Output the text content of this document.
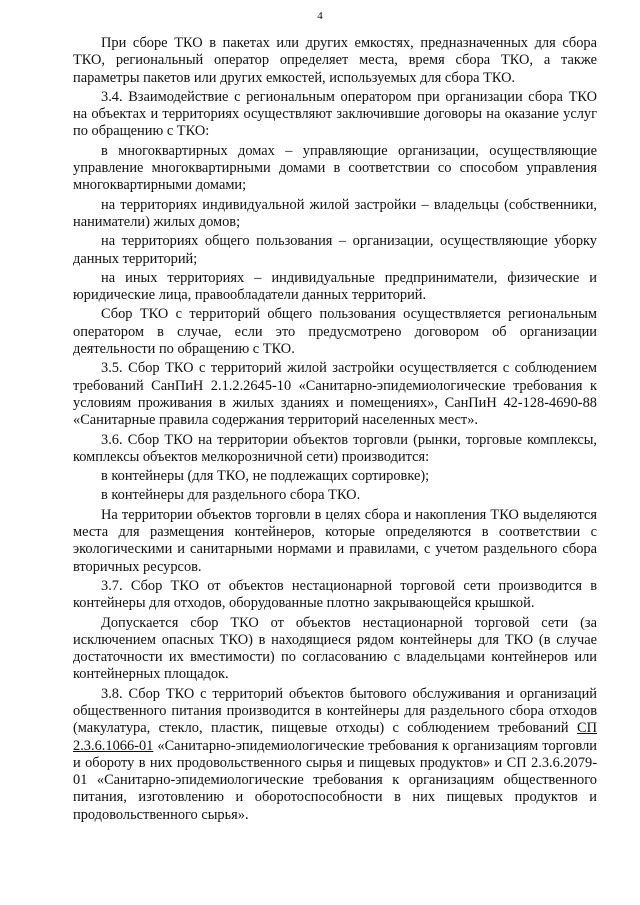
4

При сборе ТКО в пакетах или других емкостях, предназначенных для сбора ТКО, региональный оператор определяет места, время сбора ТКО, а также параметры пакетов или других емкостей, используемых для сбора ТКО.

3.4. Взаимодействие с региональным оператором при организации сбора ТКО на объектах и территориях осуществляют заключившие договоры на оказание услуг по обращению с ТКО:

в многоквартирных домах – управляющие организации, осуществляющие управление многоквартирными домами в соответствии со способом управления многоквартирными домами;

на территориях индивидуальной жилой застройки – владельцы (собственники, наниматели) жилых домов;

на территориях общего пользования – организации, осуществляющие уборку данных территорий;

на иных территориях – индивидуальные предприниматели, физические и юридические лица, правообладатели данных территорий.

Сбор ТКО с территорий общего пользования осуществляется региональным оператором в случае, если это предусмотрено договором об организации деятельности по обращению с ТКО.

3.5. Сбор ТКО с территорий жилой застройки осуществляется с соблюдением требований СанПиН 2.1.2.2645-10 «Санитарно-эпидемиологические требования к условиям проживания в жилых зданиях и помещениях», СанПиН 42-128-4690-88 «Санитарные правила содержания территорий населенных мест».

3.6. Сбор ТКО на территории объектов торговли (рынки, торговые комплексы, комплексы объектов мелкорозничной сети) производится:

в контейнеры (для ТКО, не подлежащих сортировке);

в контейнеры для раздельного сбора ТКО.

На территории объектов торговли в целях сбора и накопления ТКО выделяются места для размещения контейнеров, которые определяются в соответствии с экологическими и санитарными нормами и правилами, с учетом раздельного сбора вторичных ресурсов.

3.7. Сбор ТКО от объектов нестационарной торговой сети производится в контейнеры для отходов, оборудованные плотно закрывающейся крышкой.

Допускается сбор ТКО от объектов нестационарной торговой сети (за исключением опасных ТКО) в находящиеся рядом контейнеры для ТКО (в случае достаточности их вместимости) по согласованию с владельцами контейнеров или контейнерных площадок.

3.8. Сбор ТКО с территорий объектов бытового обслуживания и организаций общественного питания производится в контейнеры для раздельного сбора отходов (макулатура, стекло, пластик, пищевые отходы) с соблюдением требований СП 2.3.6.1066-01 «Санитарно-эпидемиологические требования к организациям торговли и обороту в них продовольственного сырья и пищевых продуктов» и СП 2.3.6.2079-01 «Санитарно-эпидемиологические требования к организациям общественного питания, изготовлению и оборотоспособности в них пищевых продуктов и продовольственного сырья».
